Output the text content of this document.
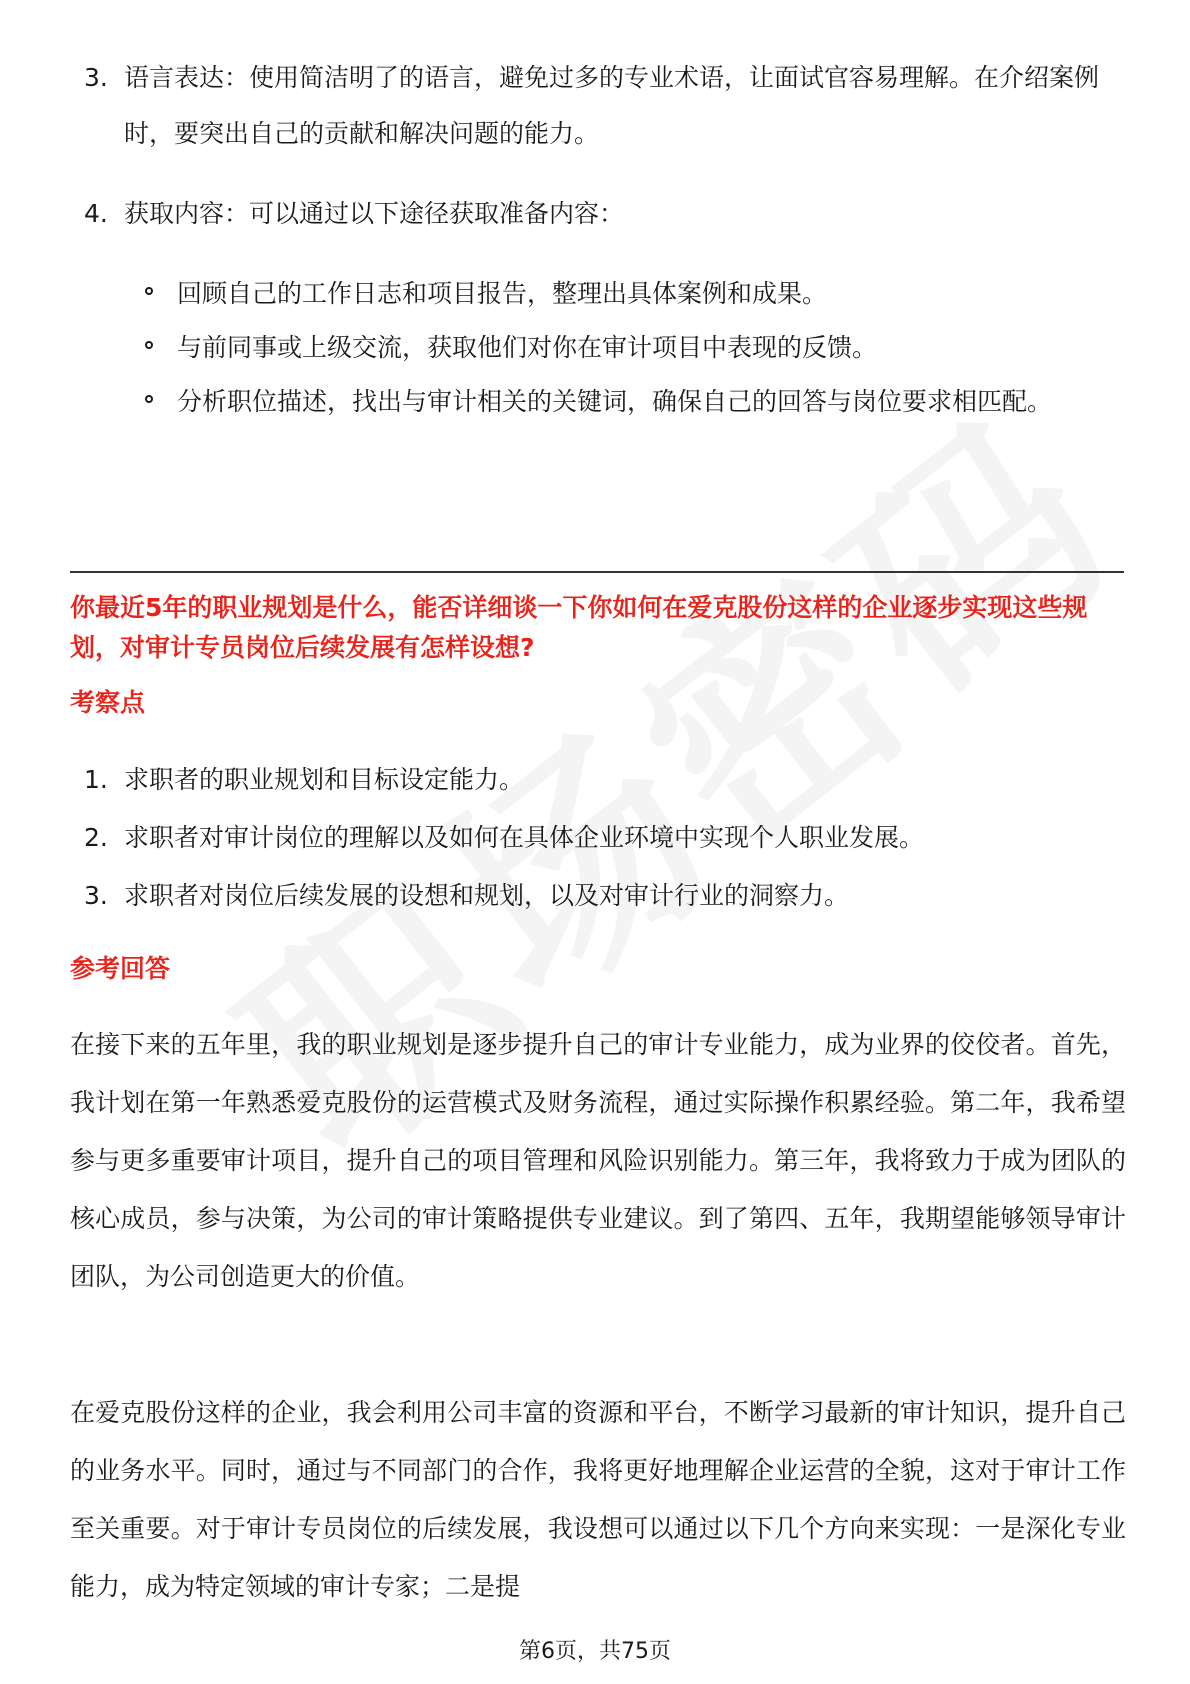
3. 语言表达：使用简洁明了的语言，避免过多的专业术语，让面试官容易理解。在介绍案例时，要突出自己的贡献和解决问题的能力。
4. 获取内容：可以通过以下途径获取准备内容：
回顾自己的工作日志和项目报告，整理出具体案例和成果。
与前同事或上级交流，获取他们对你在审计项目中表现的反馈。
分析职位描述，找出与审计相关的关键词，确保自己的回答与岗位要求相匹配。
你最近5年的职业规划是什么，能否详细谈一下你如何在爱克股份这样的企业逐步实现这些规划，对审计专员岗位后续发展有怎样设想?
考察点
1. 求职者的职业规划和目标设定能力。
2. 求职者对审计岗位的理解以及如何在具体企业环境中实现个人职业发展。
3. 求职者对岗位后续发展的设想和规划，以及对审计行业的洞察力。
参考回答
在接下来的五年里，我的职业规划是逐步提升自己的审计专业能力，成为业界的佼佼者。首先，我计划在第一年熟悉爱克股份的运营模式及财务流程，通过实际操作积累经验。第二年，我希望参与更多重要审计项目，提升自己的项目管理和风险识别能力。第三年，我将致力于成为团队的核心成员，参与决策，为公司的审计策略提供专业建议。到了第四、五年，我期望能够领导审计团队，为公司创造更大的价值。
在爱克股份这样的企业，我会利用公司丰富的资源和平台，不断学习最新的审计知识，提升自己的业务水平。同时，通过与不同部门的合作，我将更好地理解企业运营的全貌，这对于审计工作至关重要。对于审计专员岗位的后续发展，我设想可以通过以下几个方向来实现：一是深化专业能力，成为特定领域的审计专家；二是提
第6页，共75页
